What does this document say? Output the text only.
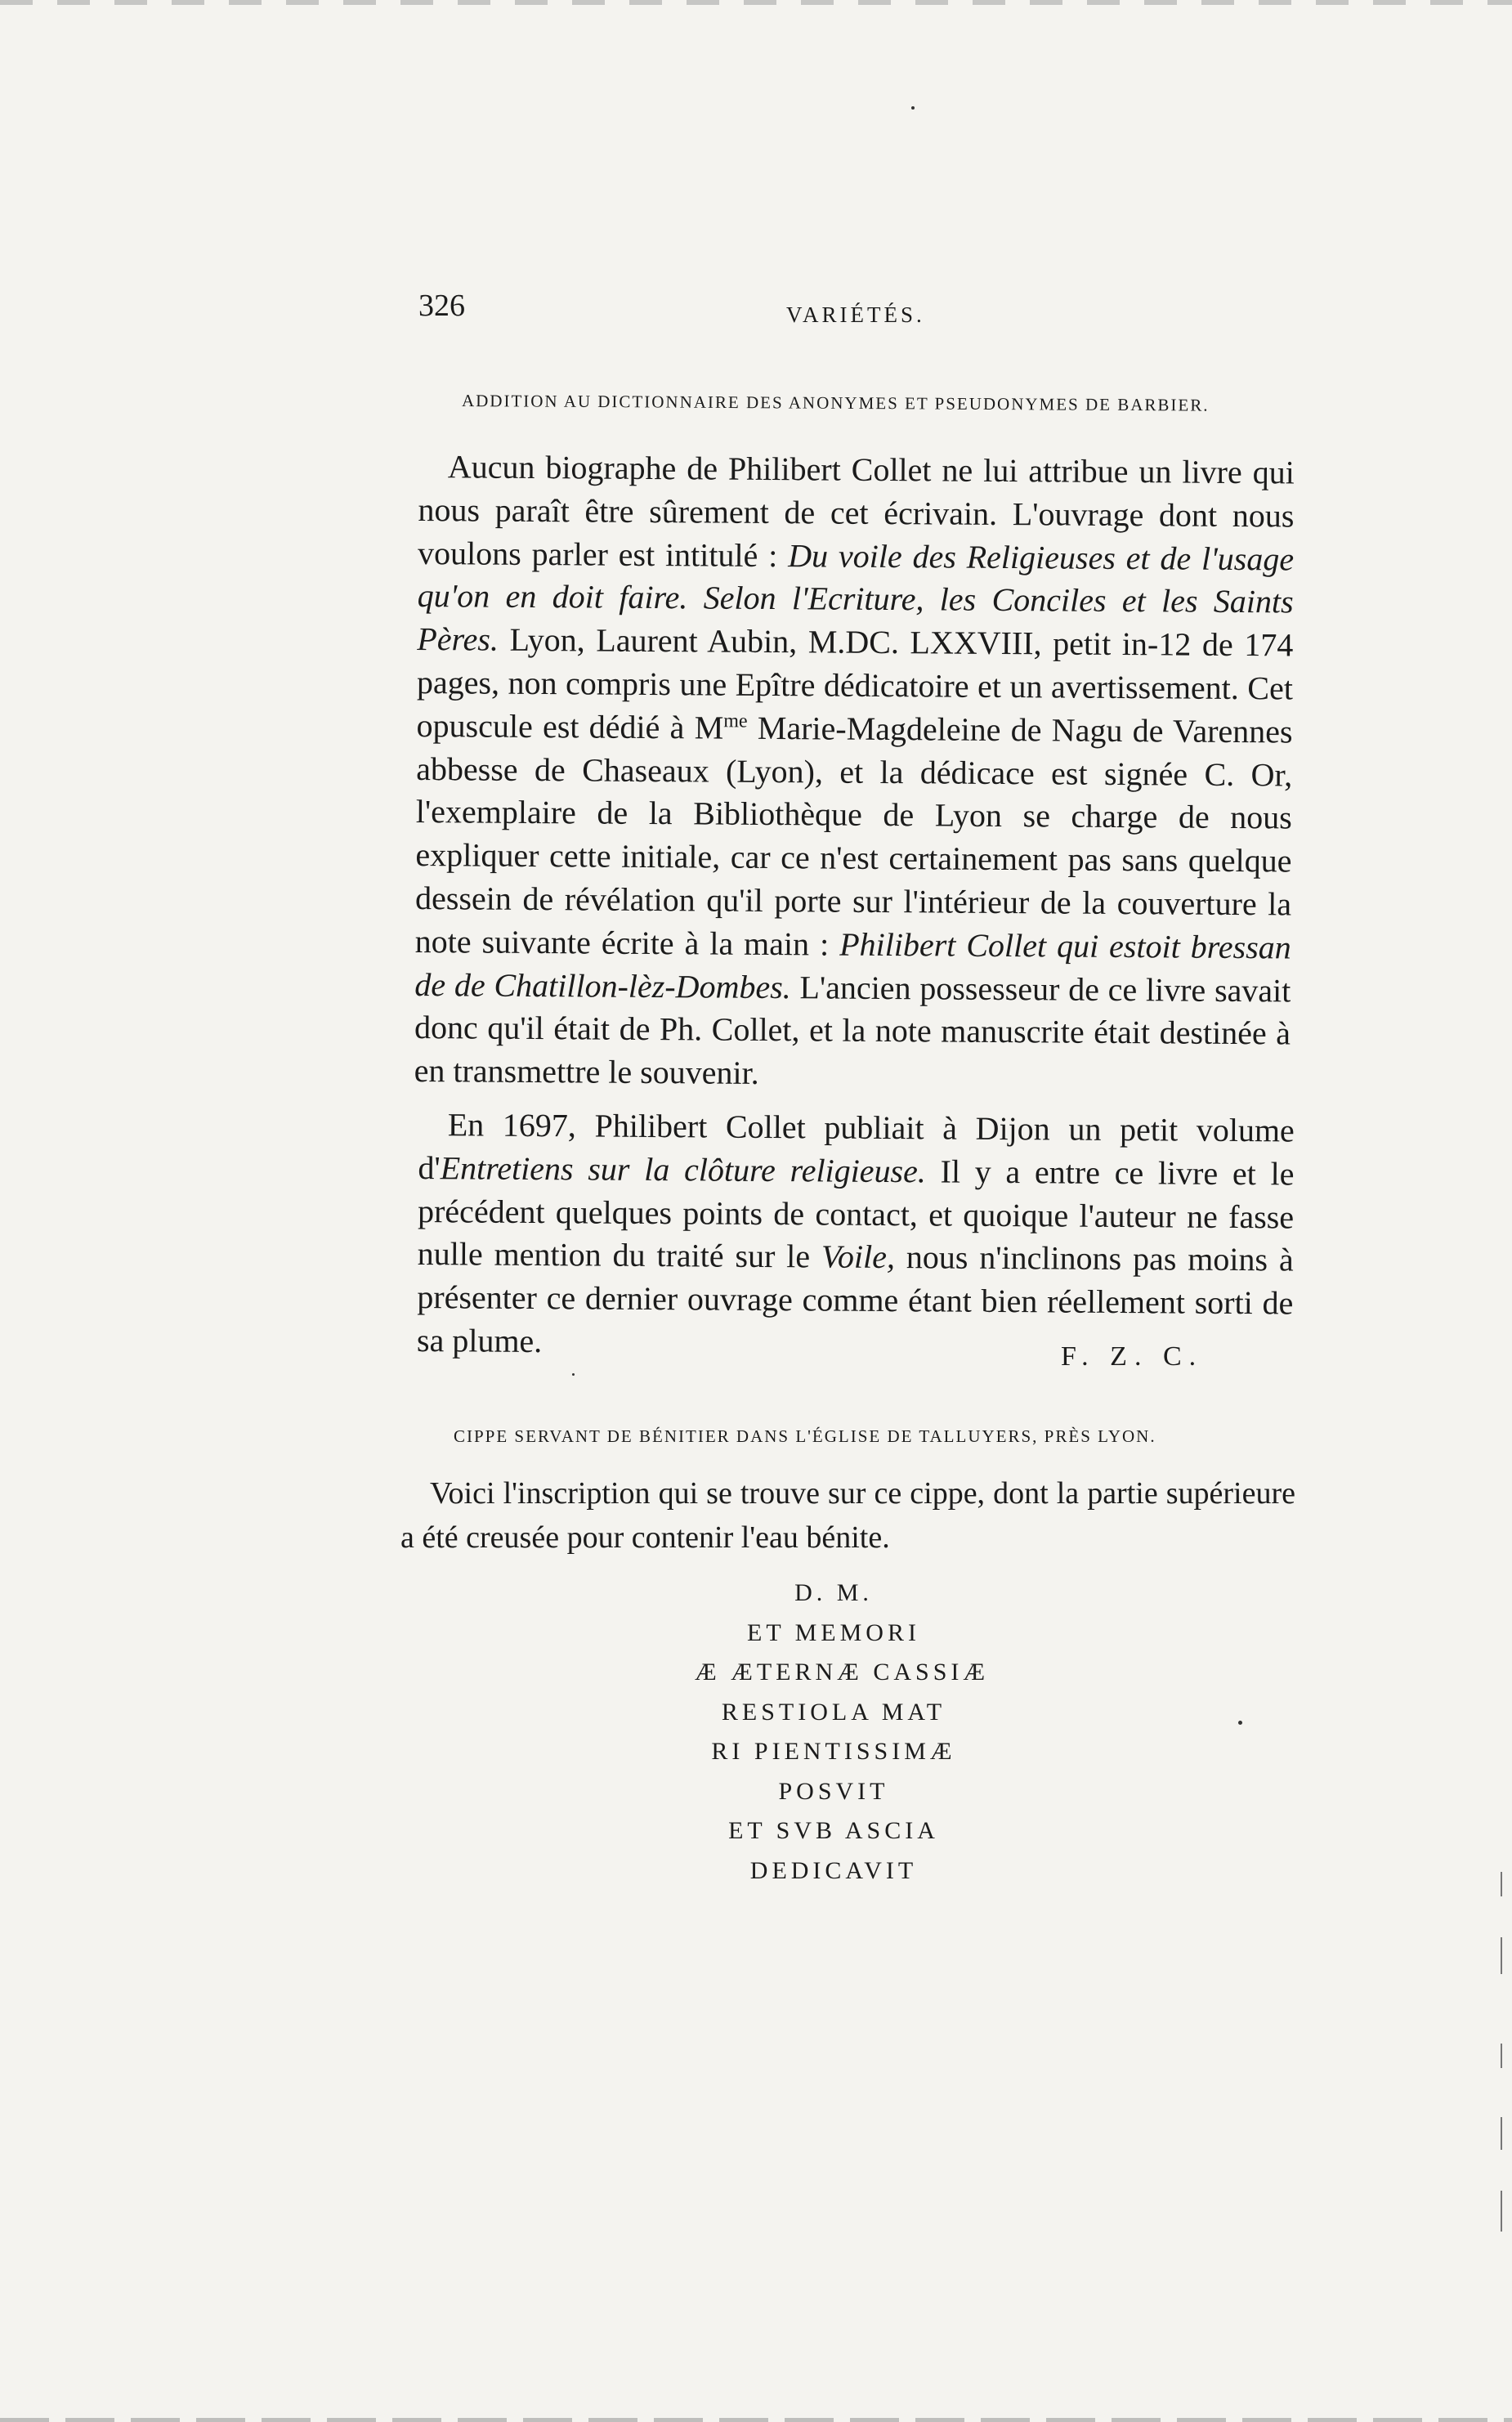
326	VARIÉTÉS.
ADDITION AU DICTIONNAIRE DES ANONYMES ET PSEUDONYMES DE BARBIER.

Aucun biographe de Philibert Collet ne lui attribue un livre qui nous paraît être sûrement de cet écrivain. L'ouvrage dont nous voulons parler est intitulé : Du voile des Religieuses et de l'usage qu'on en doit faire. Selon l'Ecriture, les Conciles et les Saints Pères. Lyon, Laurent Aubin, M.DC. LXXVIII, petit in-12 de 174 pages, non compris une Epître dédicatoire et un avertissement. Cet opuscule est dédié à $M^{me}$ Marie-Magdeleine de Nagu de Varennes abbesse de Chaseaux (Lyon), et la dédicace est signée C. Or, l'exemplaire de la Bibliothèque de Lyon se charge de nous expliquer cette initiale, car ce n'est certainement pas sans quelque dessein de révélation qu'il porte sur l'intérieur de la couverture la note suivante écrite à la main : Philibert Collet qui estoit bressan de de Chatillon-lèz-Dombes. L'ancien possesseur de ce livre savait donc qu'il était de Ph. Collet, et la note manuscrite était destinée à en transmettre le souvenir.

En 1697, Philibert Collet publiait à Dijon un petit volume d'Entretiens sur la clôture religieuse. Il y a entre ce livre et le précédent quelques points de contact, et quoique l'auteur ne fasse nulle mention du traité sur le Voile, nous n'inclinons pas moins à présenter ce dernier ouvrage comme étant bien réellement sorti de sa plume.	F. Z. C.
CIPPE SERVANT DE BÉNITIER DANS L'ÉGLISE DE TALLUYERS, PRÈS LYON.

Voici l'inscription qui se trouve sur ce cippe, dont la partie supérieure a été creusée pour contenir l'eau bénite.

D. M.
ET MEMORI
Æ ÆTERNÆ CASSIÆ
RESTIOLA MAT
RI PIENTISSIMÆ
POSVIT
ET SVB ASCIA
DEDICAVIT
